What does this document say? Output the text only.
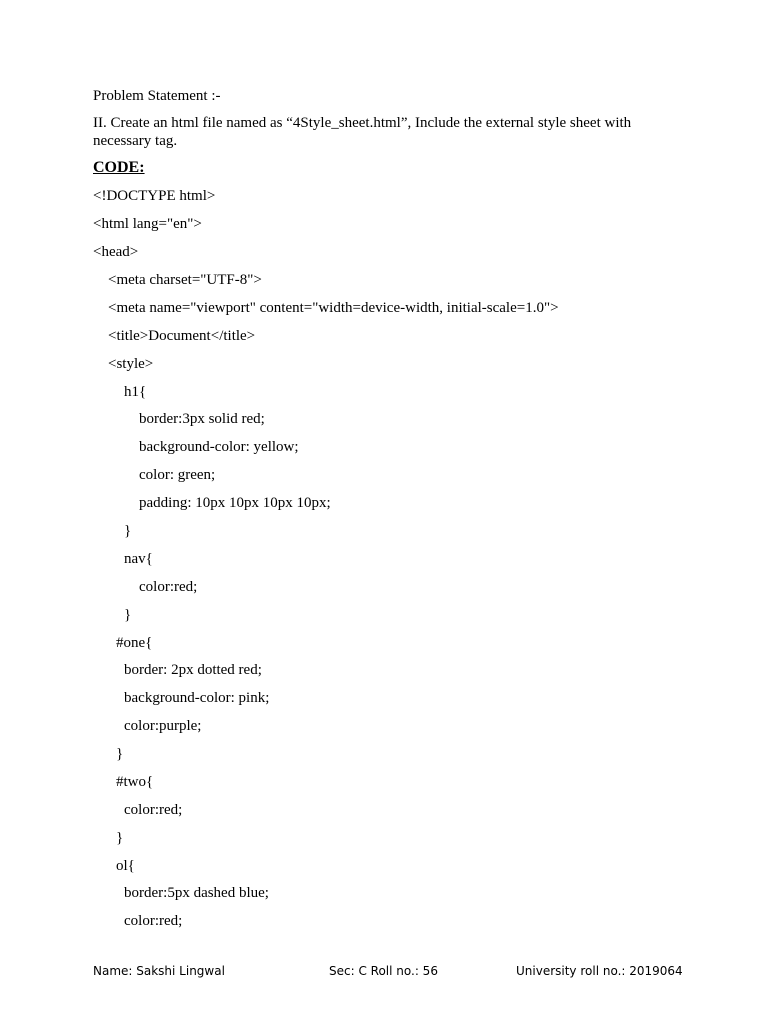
Problem Statement :-
II. Create an html file named as “4Style_sheet.html”, Include the external style sheet with necessary tag.
CODE:
<!DOCTYPE html>
<html lang="en">
<head>
<meta charset="UTF-8">
<meta name="viewport" content="width=device-width, initial-scale=1.0">
<title>Document</title>
<style>
h1{
border:3px solid red;
background-color: yellow;
color: green;
padding: 10px 10px 10px 10px;
}
nav{
color:red;
}
#one{
border: 2px dotted red;
background-color: pink;
color:purple;
}
#two{
color:red;
}
ol{
border:5px dashed blue;
color:red;
Name: Sakshi Lingwal	Sec: C Roll no.: 56	University roll no.: 2019064
